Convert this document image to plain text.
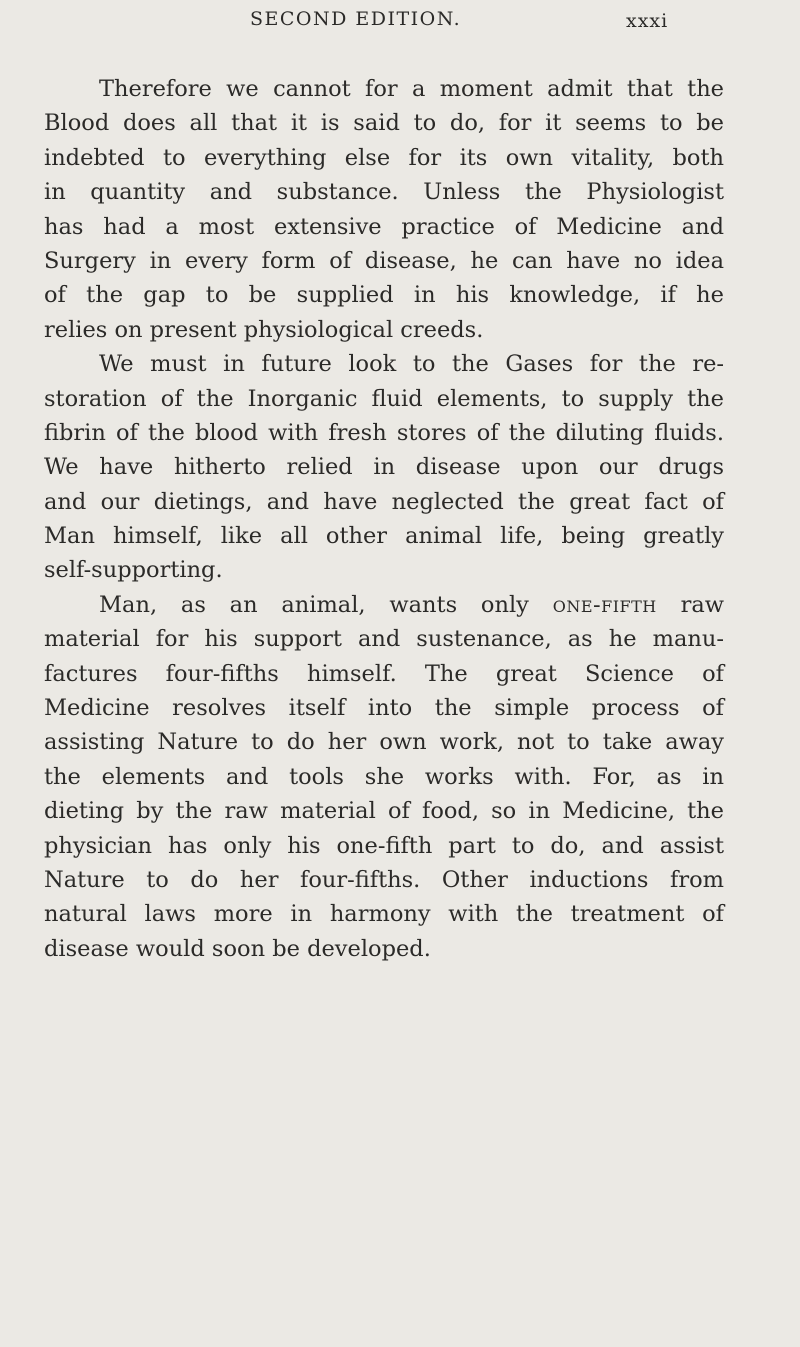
SECOND EDITION.	xxxi
Therefore we cannot for a moment admit that the
Blood does all that it is said to do, for it seems to be
indebted to everything else for its own vitality, both
in quantity and substance. Unless the Physiologist
has had a most extensive practice of Medicine and
Surgery in every form of disease, he can have no idea
of the gap to be supplied in his knowledge, if he
relies on present physiological creeds.
We must in future look to the Gases for the re-
storation of the Inorganic fluid elements, to supply the
fibrin of the blood with fresh stores of the diluting fluids.
We have hitherto relied in disease upon our drugs
and our dietings, and have neglected the great fact of
Man himself, like all other animal life, being greatly
self-supporting.
Man, as an animal, wants only one-fifth raw
material for his support and sustenance, as he manu-
factures four-fifths himself. The great Science of
Medicine resolves itself into the simple process of
assisting Nature to do her own work, not to take away
the elements and tools she works with. For, as in
dieting by the raw material of food, so in Medicine, the
physician has only his one-fifth part to do, and assist
Nature to do her four-fifths. Other inductions from
natural laws more in harmony with the treatment of
disease would soon be developed.
